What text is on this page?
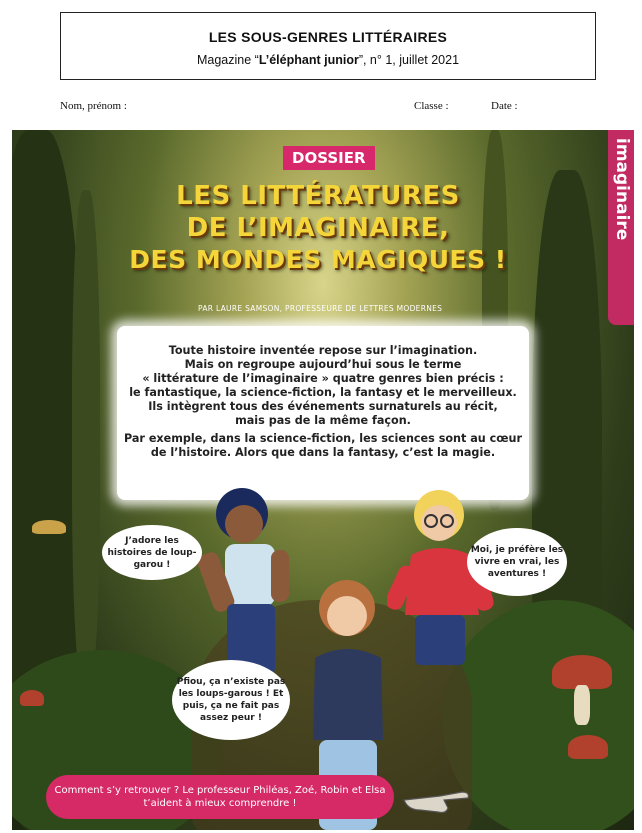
LES SOUS-GENRES LITTÉRAIRES
Magazine “L’éléphant junior”, n° 1, juillet 2021
Nom, prénom :	Classe :	Date :
imaginaire
DOSSIER
LES LITTÉRATURES
DE L’IMAGINAIRE,
DES MONDES MAGIQUES !
PAR LAURE SAMSON, PROFESSEURE DE LETTRES MODERNES

Toute histoire inventée repose sur l’imagination.

Mais on regroupe aujourd’hui sous le terme

« littérature de l’imaginaire » quatre genres bien précis :

le fantastique, la science-fiction, la fantasy et le merveilleux.

Ils intègrent tous des événements surnaturels au récit,

mais pas de la même façon.

Par exemple, dans la science-fiction, les sciences sont au cœur

de l’histoire. Alors que dans la fantasy, c’est la magie.

J’adore les histoires de loup-garou !
Moi, je préfère les vivre en vrai, les aventures !
Pfiou, ça n’existe pas les loups-garous ! Et puis, ça ne fait pas assez peur !
Comment s’y retrouver ? Le professeur Philéas, Zoé, Robin et Elsa
t’aident à mieux comprendre !
